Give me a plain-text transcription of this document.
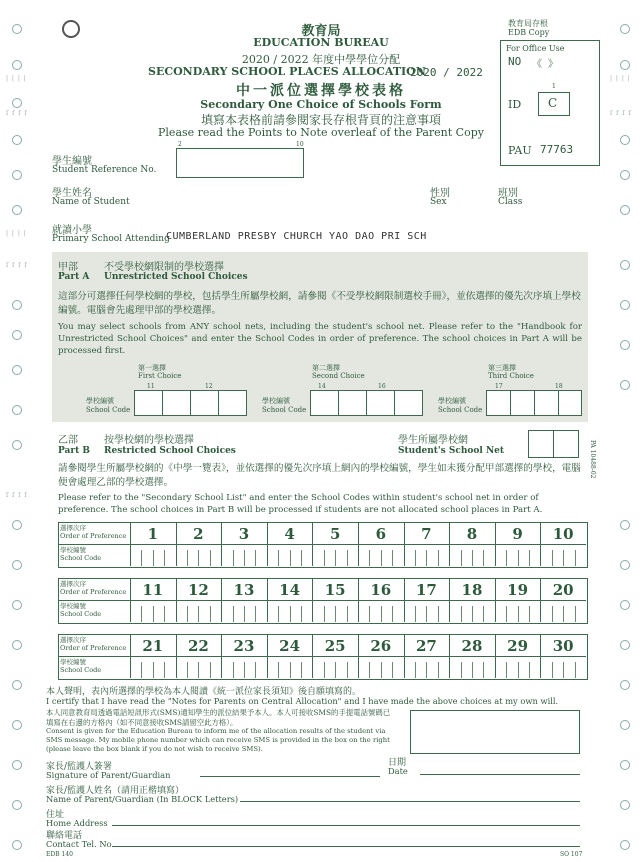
| | | |
ſ ſ ſ ſ
| | | |
ſ ſ ſ ſ
ſ ſ ſ ſ
| | | |
ſ ſ ſ ſ
教育局
EDUCATION BUREAU
2020 / 2022 年度中學學位分配
SECONDARY SCHOOL PLACES ALLOCATION
2020 / 2022
中一派位選擇學校表格
Secondary One Choice of Schools Form
填寫本表格前請參閱家長存根背頁的注意事項
Please read the Points to Note overleaf of the Parent Copy
教育局存根
EDB Copy
For Office Use
NO 《 》
ID
1
C
PAU 77763
學生編號
Student Reference No.
2	10
學生姓名
Name of Student
性別
Sex
班別
Class
就讀小學
Primary School Attending
CUMBERLAND PRESBY CHURCH YAO DAO PRI SCH
甲部	不受學校網限制的學校選擇
Part A Unrestricted School Choices
這部分可選擇任何學校網的學校，包括學生所屬學校網，請參閱《不受學校網限制選校手冊》，並依選擇的優先次序填上學校編號。電腦會先處理甲部的學校選擇。
You may select schools from ANY school nets, including the student's school net. Please refer to the "Handbook for Unrestricted School Choices" and enter the School Codes in order of preference. The school choices in Part A will be processed first.
第一選擇
First Choice
11	12
學校編號
School Code
第二選擇
Second Choice
14	16
學校編號
School Code
第三選擇
Third Choice
17	18
學校編號
School Code
乙部	按學校網的學校選擇
Part B Restricted School Choices
學生所屬學校網
Student's School Net
請參閱學生所屬學校網的《中學一覽表》，並依選擇的優先次序填上網內的學校編號，學生如未獲分配甲部選擇的學校，電腦便會處理乙部的學校選擇。
Please refer to the "Secondary School List" and enter the School Codes within student's school net in order of preference. The school choices in Part B will be processed if students are not allocated school places in Part A.
選擇次序
Order of Preference
學校編號
School Code
1	2	3	4	5	6	7	8	9	10
選擇次序
Order of Preference
學校編號
School Code
11	12	13	14	15	16	17	18	19	20
選擇次序
Order of Preference
學校編號
School Code
21	22	23	24	25	26	27	28	29	30
本人聲明，表內所選擇的學校為本人閱讀《統一派位家長須知》後自願填寫的。
I certify that I have read the "Notes for Parents on Central Allocation" and I have made the above choices at my own will.
本人同意教育局透過電話短訊形式(SMS)通知學生的派位結果予本人。本人可接收SMS的手提電話號碼已填寫在右邊的方格內（如不同意接收SMS請留空此方格）。
Consent is given for the Education Bureau to inform me of the allocation results of the student via SMS message. My mobile phone number which can receive SMS is provided in the box on the right (please leave the box blank if you do not wish to receive SMS).
家長/監護人簽署
Signature of Parent/Guardian
日期
Date
家長/監護人姓名（請用正楷填寫）
Name of Parent/Guardian (In BLOCK Letters)
住址
Home Address
聯絡電話
Contact Tel. No.
EDB 140	SO 107
PA 10488-02
